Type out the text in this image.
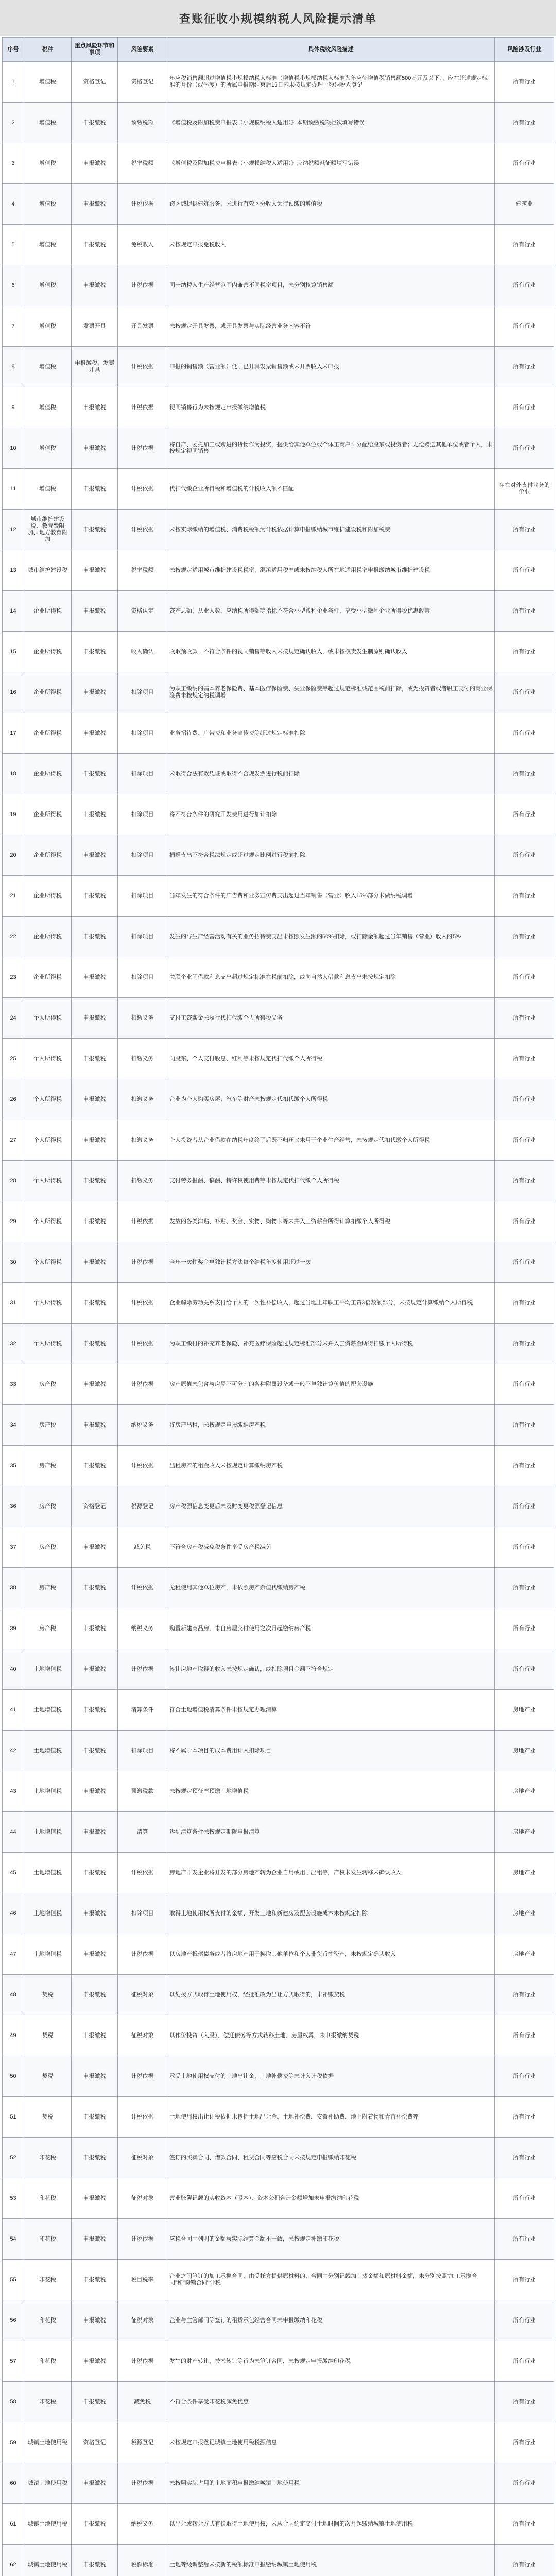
查账征收小规模纳税人风险提示清单
序号	税种	重点风险环节和事项	风险要素	具体税收风险描述	风险涉及行业
1	增值税	资格登记	资格登记	年应税销售额超过增值税小规模纳税人标准（增值税小规模纳税人标准为年应征增值税销售额500万元及以下）、应在超过规定标准的月份（或季度）的所属申报期结束后15日内未按规定办理一般纳税人登记	所有行业
2	增值税	申报缴税	预缴税额	《增值税及附加税费申报表（小规模纳税人适用）》本期预缴税额栏次填写错误	所有行业
3	增值税	申报缴税	税率税额	《增值税及附加税费申报表（小规模纳税人适用）》应纳税额减征额填写错误	所有行业
4	增值税	申报缴税	计税依据	跨区域提供建筑服务，未进行有效区分收入为待预缴的增值税	建筑业
5	增值税	申报缴税	免税收入	未按规定申报免税收入	所有行业
6	增值税	申报缴税	计税依据	同一纳税人生产经营范围内兼营不同税率项目，未分别核算销售额	所有行业
7	增值税	发票开具	开具发票	未按规定开具发票，或开具发票与实际经营业务内容不符	所有行业
8	增值税	申报缴税，发票开具	计税依据	申报的销售额（营业额）低于已开具发票销售额或未开票收入未申报	所有行业
9	增值税	申报缴税	计税依据	视同销售行为未按规定申报缴纳增值税	所有行业
10	增值税	申报缴税	计税依据	将自产、委托加工或购进的货物作为投资，提供给其他单位或个体工商户；分配给股东或投资者；无偿赠送其他单位或者个人，未按规定视同销售	所有行业
11	增值税	申报缴税	计税依据	代扣代缴企业所得税和增值税的计税收入额不匹配	存在对外支付业务的企业
12	城市维护建设税、教育费附加、地方教育附加	申报缴税	计税依据	未按实际缴纳的增值税、消费税税额为计税依据计算申报缴纳城市维护建设税和附加税费	所有行业
13	城市维护建设税	申报缴税	税率税额	未按规定适用城市维护建设税税率，混淆适用税率或未按纳税人所在地适用税率申报缴纳城市维护建设税	所有行业
14	企业所得税	申报缴税	资格认定	资产总额、从业人数、应纳税所得额等指标不符合小型微利企业条件，享受小型微利企业所得税优惠政策	所有行业
15	企业所得税	申报缴税	收入确认	收取预收款、不符合条件的视同销售等收入未按规定确认收入，或未按权责发生制原则确认收入	所有行业
16	企业所得税	申报缴税	扣除项目	为职工缴纳的基本养老保险费、基本医疗保险费、失业保险费等超过规定标准或范围税前扣除，或为投资者或者职工支付的商业保险费未按规定纳税调增	所有行业
17	企业所得税	申报缴税	扣除项目	业务招待费、广告费和业务宣传费等超过规定标准扣除	所有行业
18	企业所得税	申报缴税	扣除项目	未取得合法有效凭证或取得不合规发票进行税前扣除	所有行业
19	企业所得税	申报缴税	扣除项目	将不符合条件的研究开发费用进行加计扣除	所有行业
20	企业所得税	申报缴税	扣除项目	捐赠支出不符合税法规定或超过规定比例进行税前扣除	所有行业
21	企业所得税	申报缴税	扣除项目	当年发生的符合条件的广告费和业务宣传费支出超过当年销售（营业）收入15%部分未做纳税调增	所有行业
22	企业所得税	申报缴税	扣除项目	发生的与生产经营活动有关的业务招待费支出未按照发生额的60%扣除，或扣除金额超过当年销售（营业）收入的5‰	所有行业
23	企业所得税	申报缴税	扣除项目	关联企业间借款利息支出超过规定标准在税前扣除，或向自然人借款利息支出未按规定扣除	所有行业
24	个人所得税	申报缴税	扣缴义务	支付工资薪金未履行代扣代缴个人所得税义务	所有行业
25	个人所得税	申报缴税	扣缴义务	向股东、个人支付股息、红利等未按规定代扣代缴个人所得税	所有行业
26	个人所得税	申报缴税	扣缴义务	企业为个人购买房屋、汽车等财产未按规定代扣代缴个人所得税	所有行业
27	个人所得税	申报缴税	扣缴义务	个人投资者从企业借款在纳税年度终了后既不归还又未用于企业生产经营，未按规定代扣代缴个人所得税	所有行业
28	个人所得税	申报缴税	扣缴义务	支付劳务报酬、稿酬、特许权使用费等未按规定代扣代缴个人所得税	所有行业
29	个人所得税	申报缴税	计税依据	发放的各类津贴、补贴、奖金、实物、购物卡等未并入工资薪金所得计算扣缴个人所得税	所有行业
30	个人所得税	申报缴税	计税依据	全年一次性奖金单独计税方法每个纳税年度使用超过一次	所有行业
31	个人所得税	申报缴税	计税依据	企业解除劳动关系支付给个人的一次性补偿收入，超过当地上年职工平均工资3倍数额部分，未按规定计算缴纳个人所得税	所有行业
32	个人所得税	申报缴税	计税依据	为职工缴付的补充养老保险、补充医疗保险超过规定标准部分未并入工资薪金所得扣缴个人所得税	所有行业
33	房产税	申报缴税	计税依据	房产原值未包含与房屋不可分割的各种附属设备或一般不单独计算价值的配套设施	所有行业
34	房产税	申报缴税	纳税义务	将房产出租，未按规定申报缴纳房产税	所有行业
35	房产税	申报缴税	计税依据	出租房产的租金收入未按规定计算缴纳房产税	所有行业
36	房产税	资格登记	税源登记	房产税源信息变更后未及时变更税源登记信息	所有行业
37	房产税	申报缴税	减免税	不符合房产税减免税条件享受房产税减免	所有行业
38	房产税	申报缴税	计税依据	无租使用其他单位房产，未依照房产余值代缴纳房产税	所有行业
39	房产税	申报缴税	纳税义务	购置新建商品房，未自房屋交付使用之次月起缴纳房产税	所有行业
40	土地增值税	申报缴税	计税依据	转让房地产取得的收入未按规定确认，或扣除项目金额不符合规定	所有行业
41	土地增值税	申报缴税	清算条件	符合土地增值税清算条件未按规定办理清算	房地产业
42	土地增值税	申报缴税	扣除项目	将不属于本项目的成本费用计入扣除项目	房地产业
43	土地增值税	申报缴税	预缴税款	未按规定预征率预缴土地增值税	房地产业
44	土地增值税	申报缴税	清算	达到清算条件未按规定期限申报清算	房地产业
45	土地增值税	申报缴税	计税依据	房地产开发企业将开发的部分房地产转为企业自用或用于出租等，产权未发生转移未确认收入	房地产业
46	土地增值税	申报缴税	扣除项目	取得土地使用权所支付的金额、开发土地和新建房及配套设施成本未按规定扣除	房地产业
47	土地增值税	申报缴税	计税依据	以房地产抵偿债务或者将房地产用于换取其他单位和个人非货币性资产，未按规定确认收入	房地产业
48	契税	申报缴税	征税对象	以划拨方式取得土地使用权，经批准改为出让方式取得的，未补缴契税	所有行业
49	契税	申报缴税	征税对象	以作价投资（入股）、偿还债务等方式转移土地、房屋权属，未申报缴纳契税	所有行业
50	契税	申报缴税	计税依据	承受土地使用权支付的土地出让金、土地补偿费等未计入计税依据	所有行业
51	契税	申报缴税	计税依据	土地使用权出让计税依据未包括土地出让金、土地补偿费、安置补助费、地上附着物和青苗补偿费等	所有行业
52	印花税	申报缴税	征税对象	签订的买卖合同、借款合同、租赁合同等应税合同未按规定申报缴纳印花税	所有行业
53	印花税	申报缴税	征税对象	营业账簿记载的实收资本（股本）、资本公积合计金额增加未申报缴纳印花税	所有行业
54	印花税	申报缴税	计税依据	应税合同中列明的金额与实际结算金额不一致，未按规定补缴印花税	所有行业
55	印花税	申报缴税	税目税率	企业之间签订的加工承揽合同，由受托方提供原材料的，合同中分别记载加工费金额和原材料金额，未分别按照"加工承揽合同"和"购销合同"计税	所有行业
56	印花税	申报缴税	征税对象	企业与主管部门等签订的租赁承包经营合同未申报缴纳印花税	所有行业
57	印花税	申报缴税	计税依据	发生的财产转让、技术转让等行为未签订合同，未按规定申报缴纳印花税	所有行业
58	印花税	申报缴税	减免税	不符合条件享受印花税减免优惠	所有行业
59	城镇土地使用税	资格登记	税源登记	未按规定申报登记城镇土地使用税税源信息	所有行业
60	城镇土地使用税	申报缴税	计税依据	未按照实际占用的土地面积申报缴纳城镇土地使用税	所有行业
61	城镇土地使用税	申报缴税	纳税义务	以出让或转让方式有偿取得土地使用权，未从合同约定交付土地时间的次月起缴纳城镇土地使用税	所有行业
62	城镇土地使用税	申报缴税	税额标准	土地等级调整后未按新的税额标准申报缴纳城镇土地使用税	所有行业
